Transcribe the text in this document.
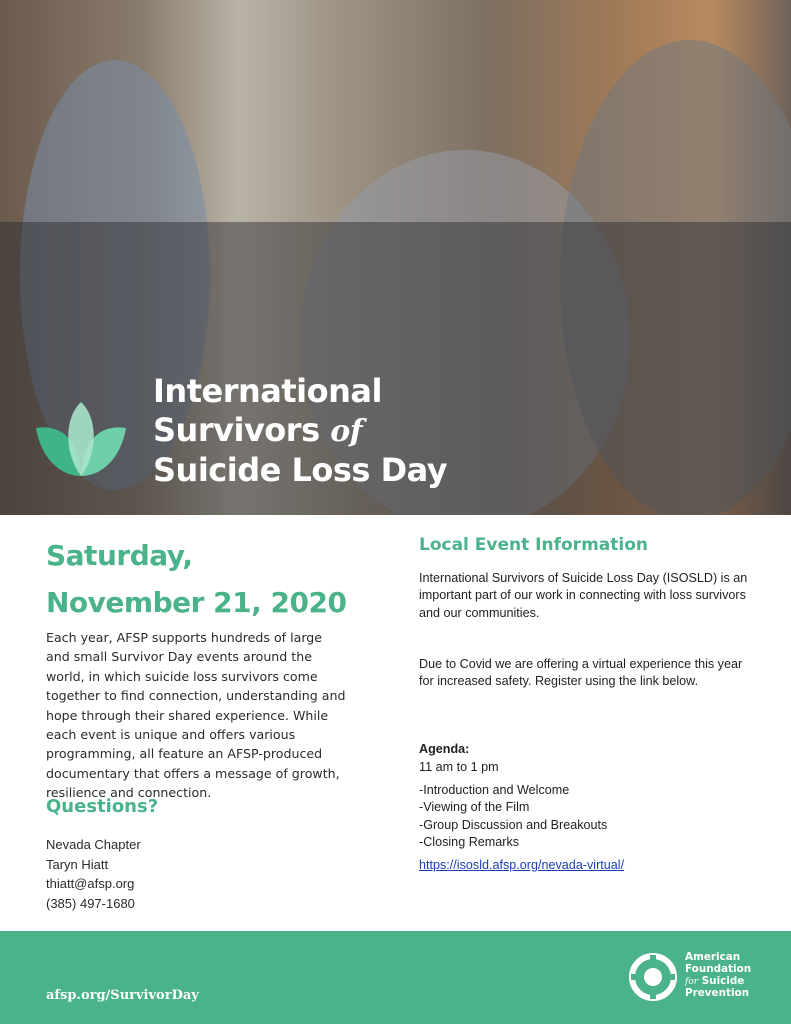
International
Survivors of
Suicide Loss Day
Saturday,
November 21, 2020

Each year, AFSP supports hundreds of large and small Survivor Day events around the world, in which suicide loss survivors come together to find connection, understanding and hope through their shared experience. While each event is unique and offers various programming, all feature an AFSP-produced documentary that offers a message of growth, resilience and connection.

Questions?
Nevada Chapter
Taryn Hiatt
thiatt@afsp.org
(385) 497-1680
Local Event Information

International Survivors of Suicide Loss Day (ISOSLD) is an important part of our work in connecting with loss survivors and our communities.

Due to Covid we are offering a virtual experience this year for increased safety. Register using the link below.

Agenda:

11 am to 1 pm

-Introduction and Welcome
-Viewing of the Film
-Group Discussion and Breakouts
-Closing Remarks
https://isosld.afsp.org/nevada-virtual/

afsp.org/SurvivorDay

American
Foundation
for Suicide
Prevention
